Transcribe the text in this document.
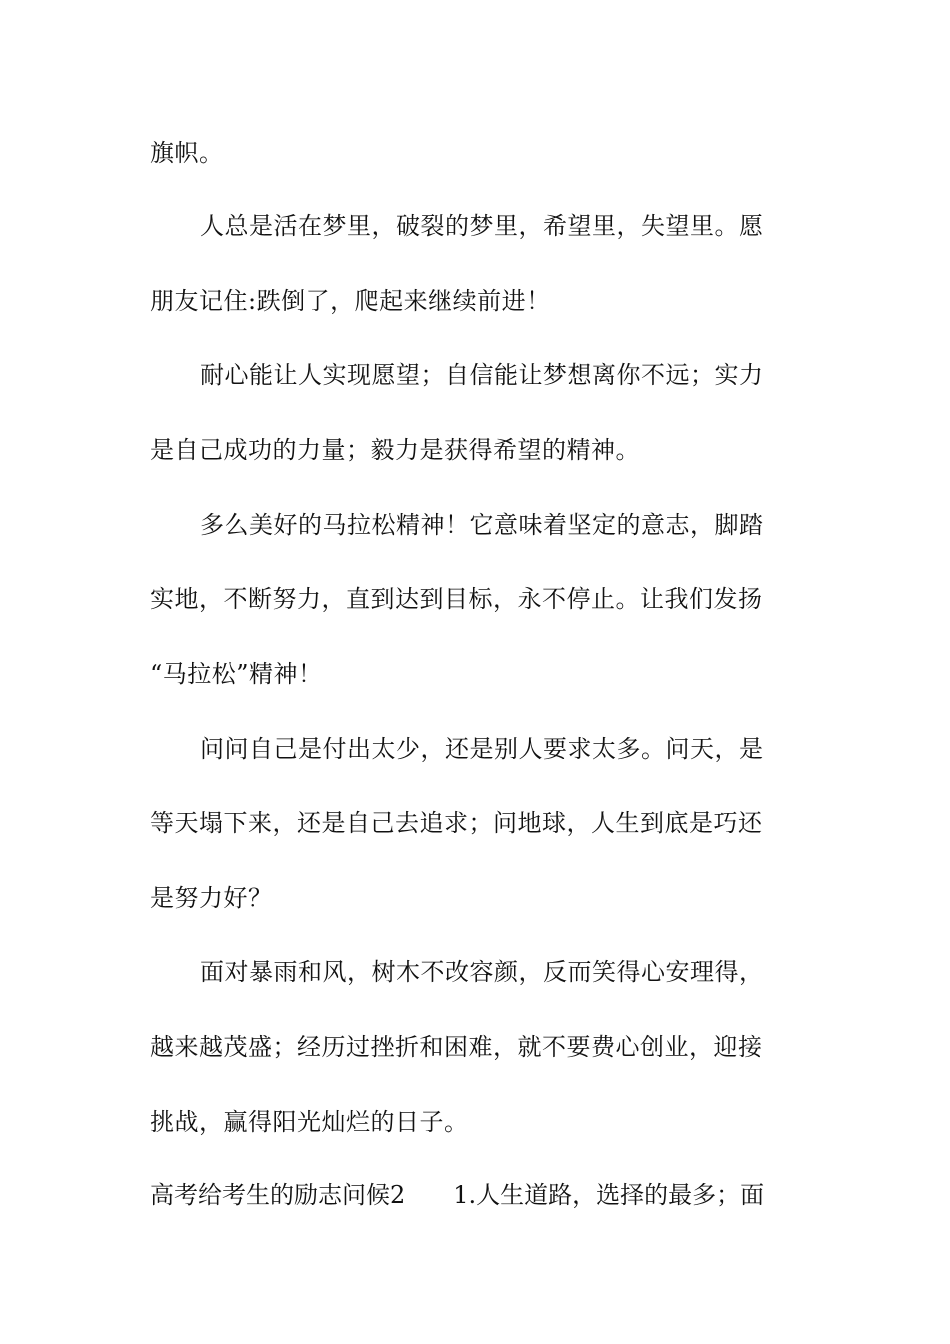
旗帜。
人总是活在梦里，破裂的梦里，希望里，失望里。愿
朋友记住:跌倒了，爬起来继续前进！
耐心能让人实现愿望；自信能让梦想离你不远；实力
是自己成功的力量；毅力是获得希望的精神。
多么美好的马拉松精神！它意味着坚定的意志，脚踏
实地，不断努力，直到达到目标，永不停止。让我们发扬
“马拉松”精神！
问问自己是付出太少，还是别人要求太多。问天，是
等天塌下来，还是自己去追求；问地球，人生到底是巧还
是努力好？
面对暴雨和风，树木不改容颜，反而笑得心安理得，
越来越茂盛；经历过挫折和困难，就不要费心创业，迎接
挑战，赢得阳光灿烂的日子。
高考给考生的励志问候2 1.人生道路，选择的最多；面
